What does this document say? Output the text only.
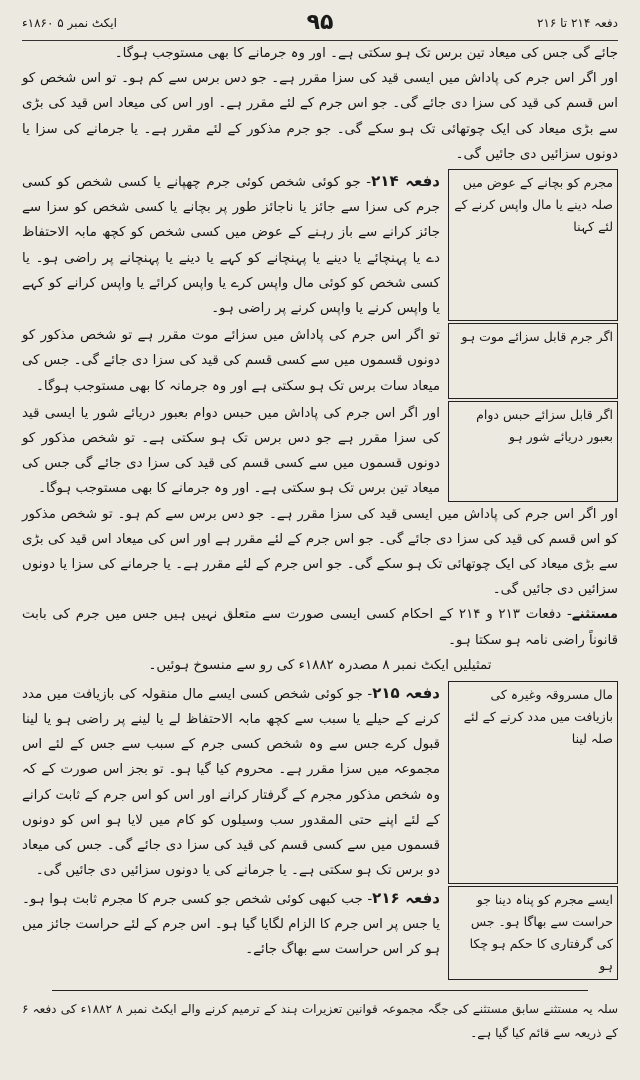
ایکٹ نمبر ۵ ۱۸۶۰ء	۹۵	دفعہ ۲۱۴ تا ۲۱۶

جائے گی جس کی میعاد تین برس تک ہو سکتی ہے۔ اور وہ جرمانے کا بھی مستوجب ہوگا۔

اور اگر اس جرم کی پاداش میں ایسی قید کی سزا مقرر ہے۔ جو دس برس سے کم ہو۔ تو اس شخص کو اس قسم کی قید کی سزا دی جائے گی۔ جو اس جرم کے لئے مقرر ہے۔ اور اس کی میعاد اس قید کی بڑی سے بڑی میعاد کی ایک چوتھائی تک ہو سکے گی۔ جو جرم مذکور کے لئے مقرر ہے۔ یا جرمانے کی سزا یا دونوں سزائیں دی جائیں گی۔

مجرم کو بچانے کے عوض میں صلہ دینے یا مال واپس کرنے کے لئے کہنا

دفعہ ۲۱۴- جو کوئی شخص کوئی جرم چھپانے یا کسی شخص کو کسی جرم کی سزا سے جائز یا ناجائز طور پر بچانے یا کسی شخص کو سزا سے جائز کرانے سے باز رہنے کے عوض میں کسی شخص کو کچھ مابہ الاحتفاظ دے یا پہنچائے یا دینے یا پہنچانے کو کہے یا دینے یا پہنچانے پر راضی ہو۔ یا کسی شخص کو کوئی مال واپس کرے یا واپس کرائے یا واپس کرانے کو کہے یا واپس کرنے یا واپس کرنے پر راضی ہو۔

اگر جرم قابل سزائے موت ہو

تو اگر اس جرم کی پاداش میں سزائے موت مقرر ہے تو شخص مذکور کو دونوں قسموں میں سے کسی قسم کی قید کی سزا دی جائے گی۔ جس کی میعاد سات برس تک ہو سکتی ہے اور وہ جرمانہ کا بھی مستوجب ہوگا۔

اگر قابل سزائے حبس دوام بعبور دریائے شور ہو

اور اگر اس جرم کی پاداش میں حبس دوام بعبور دریائے شور یا ایسی قید کی سزا مقرر ہے جو دس برس تک ہو سکتی ہے۔ تو شخص مذکور کو دونوں قسموں میں سے کسی قسم کی قید کی سزا دی جائے گی جس کی میعاد تین برس تک ہو سکتی ہے۔ اور وہ جرمانے کا بھی مستوجب ہوگا۔

اور اگر اس جرم کی پاداش میں ایسی قید کی سزا مقرر ہے۔ جو دس برس سے کم ہو۔ تو شخص مذکور کو اس قسم کی قید کی سزا دی جائے گی۔ جو اس جرم کے لئے مقرر ہے اور اس کی میعاد اس قید کی بڑی سے بڑی میعاد کی ایک چوتھائی تک ہو سکے گی۔ جو اس جرم کے لئے مقرر ہے۔ یا جرمانے کی سزا یا دونوں سزائیں دی جائیں گی۔

مستثنے- دفعات ۲۱۳ و ۲۱۴ کے احکام کسی ایسی صورت سے متعلق نہیں ہیں جس میں جرم کی بابت قانوناً راضی نامہ ہو سکتا ہو۔

تمثیلیں ایکٹ نمبر ۸ مصدرہ ۱۸۸۲ء کی رو سے منسوخ ہوئیں۔
مال مسروقہ وغیرہ کی بازیافت میں مدد کرنے کے لئے صلہ لینا

دفعہ ۲۱۵- جو کوئی شخص کسی ایسے مال منقولہ کی بازیافت میں مدد کرنے کے حیلے یا سبب سے کچھ مابہ الاحتفاظ لے یا لینے پر راضی ہو یا لینا قبول کرے جس سے وہ شخص کسی جرم کے سبب سے جس کے لئے اس مجموعہ میں سزا مقرر ہے۔ محروم کیا گیا ہو۔ تو بجز اس صورت کے کہ وہ شخص مذکور مجرم کے گرفتار کرانے اور اس کو اس جرم کے ثابت کرانے کے لئے اپنے حتی المقدور سب وسیلوں کو کام میں لایا ہو اس کو دونوں قسموں میں سے کسی قسم کی قید کی سزا دی جائے گی۔ جس کی میعاد دو برس تک ہو سکتی ہے۔ یا جرمانے کی یا دونوں سزائیں دی جائیں گی۔

ایسے مجرم کو پناہ دینا جو حراست سے بھاگا ہو۔ جس کی گرفتاری کا حکم ہو چکا ہو

دفعہ ۲۱۶- جب کبھی کوئی شخص جو کسی جرم کا مجرم ثابت ہوا ہو۔ یا جس پر اس جرم کا الزام لگایا گیا ہو۔ اس جرم کے لئے حراست جائز میں ہو کر اس حراست سے بھاگ جائے۔

سلہ یہ مستثنے سابق مستثنے کی جگہ مجموعہ قوانین تعزیرات ہند کے ترمیم کرنے والے ایکٹ نمبر ۸ ۱۸۸۲ء کی دفعہ ۶ کے ذریعہ سے قائم کیا گیا ہے۔
